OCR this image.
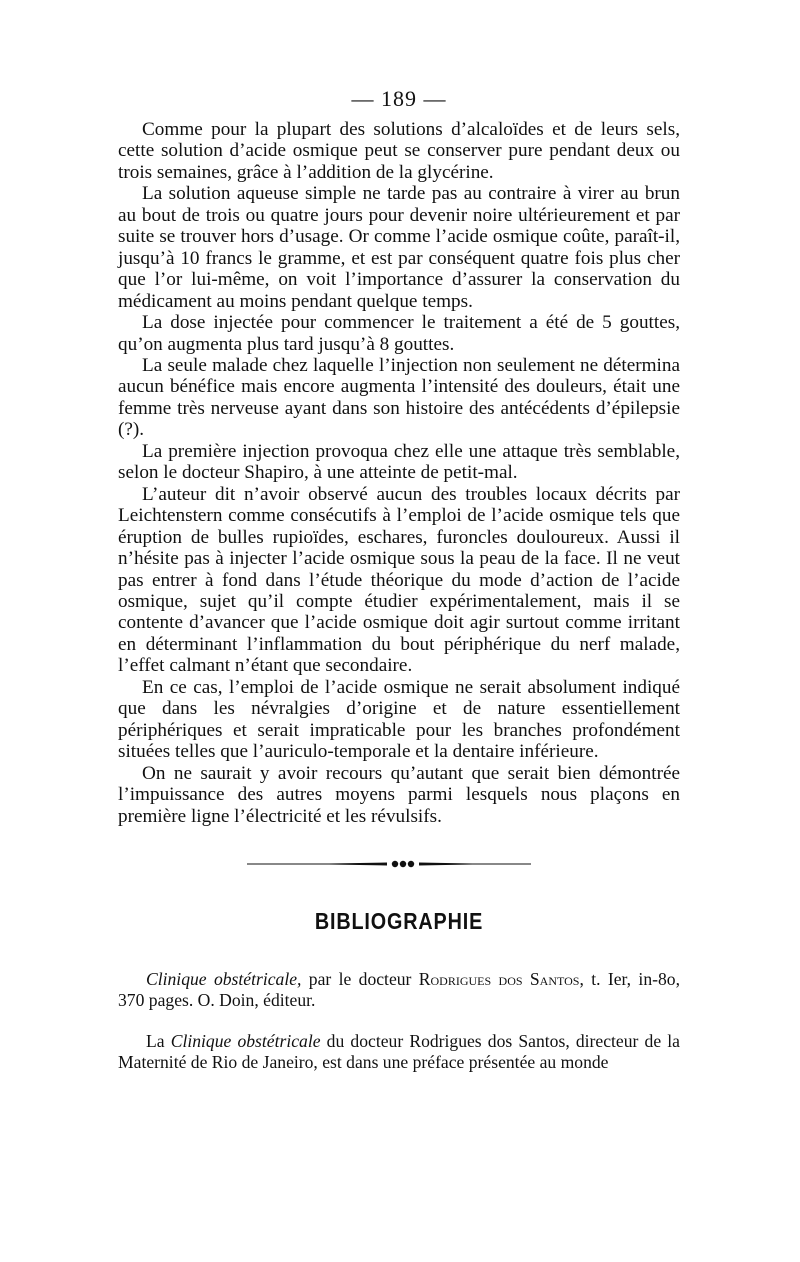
— 189 —

Comme pour la plupart des solutions d’alcaloïdes et de leurs sels, cette solution d’acide osmique peut se conserver pure pendant deux ou trois semaines, grâce à l’addition de la glycérine.

La solution aqueuse simple ne tarde pas au contraire à virer au brun au bout de trois ou quatre jours pour devenir noire ultérieurement et par suite se trouver hors d’usage. Or comme l’acide osmique coûte, paraît-il, jusqu’à 10 francs le gramme, et est par conséquent quatre fois plus cher que l’or lui-même, on voit l’importance d’assurer la conservation du médicament au moins pendant quelque temps.

La dose injectée pour commencer le traitement a été de 5 gouttes, qu’on augmenta plus tard jusqu’à 8 gouttes.

La seule malade chez laquelle l’injection non seulement ne détermina aucun bénéfice mais encore augmenta l’intensité des douleurs, était une femme très nerveuse ayant dans son histoire des antécédents d’épilepsie (?).

La première injection provoqua chez elle une attaque très semblable, selon le docteur Shapiro, à une atteinte de petit-mal.

L’auteur dit n’avoir observé aucun des troubles locaux décrits par Leichtenstern comme consécutifs à l’emploi de l’acide osmique tels que éruption de bulles rupioïdes, eschares, furoncles douloureux. Aussi il n’hésite pas à injecter l’acide osmique sous la peau de la face. Il ne veut pas entrer à fond dans l’étude théorique du mode d’action de l’acide osmique, sujet qu’il compte étudier expérimentalement, mais il se contente d’avancer que l’acide osmique doit agir surtout comme irritant en déterminant l’inflammation du bout périphérique du nerf malade, l’effet calmant n’étant que secondaire.

En ce cas, l’emploi de l’acide osmique ne serait absolument indiqué que dans les névralgies d’origine et de nature essentiellement périphériques et serait impraticable pour les branches profondément situées telles que l’auriculo-temporale et la dentaire inférieure.

On ne saurait y avoir recours qu’autant que serait bien démontrée l’impuissance des autres moyens parmi lesquels nous plaçons en première ligne l’électricité et les révulsifs.

BIBLIOGRAPHIE

Clinique obstétricale, par le docteur Rodrigues dos Santos, t. Ier, in-8o, 370 pages. O. Doin, éditeur.

La Clinique obstétricale du docteur Rodrigues dos Santos, directeur de la Maternité de Rio de Janeiro, est dans une préface présentée au monde
